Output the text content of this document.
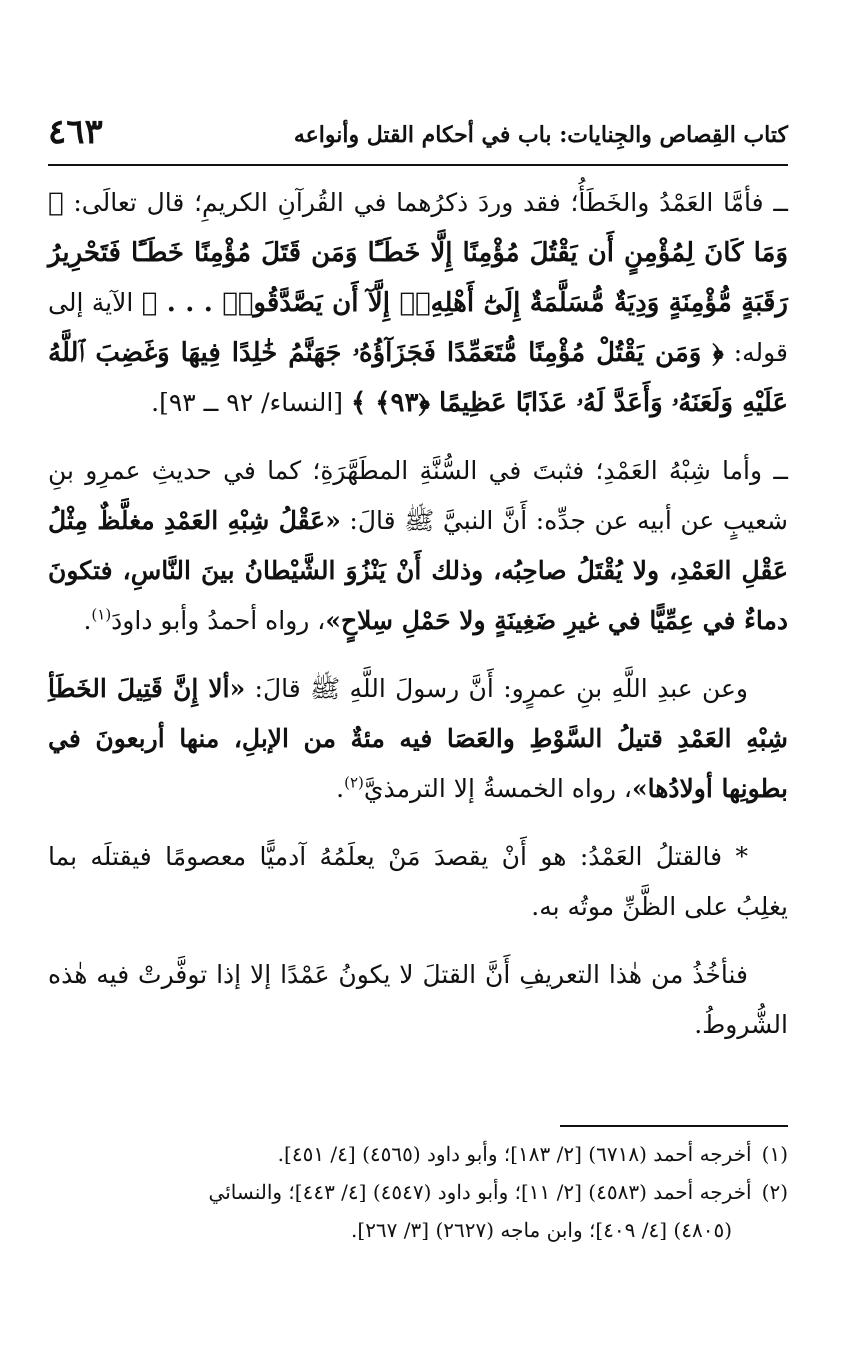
كتاب القِصاص والجِنايات: باب في أحكام القتل وأنواعه
٤٦٣

ــ فأمَّا العَمْدُ والخَطَأُ؛ فقد وردَ ذكرُهما في القُرآنِ الكريمِ؛ قال تعالَى: ﴿ وَمَا كَانَ لِمُؤْمِنٍ أَن يَقْتُلَ مُؤْمِنًا إِلَّا خَطَـًٔا وَمَن قَتَلَ مُؤْمِنًا خَطَـًٔا فَتَحْرِيرُ رَقَبَةٍ مُّؤْمِنَةٍ وَدِيَةٌ مُّسَلَّمَةٌ إِلَىٰٓ أَهْلِهِۦٓ إِلَّآ أَن يَصَّدَّقُوا۟ . . . ﴾ الآية إلى قوله: ﴿ وَمَن يَقْتُلْ مُؤْمِنًا مُّتَعَمِّدًا فَجَزَآؤُهُۥ جَهَنَّمُ خَٰلِدًا فِيهَا وَغَضِبَ ٱللَّهُ عَلَيْهِ وَلَعَنَهُۥ وَأَعَدَّ لَهُۥ عَذَابًا عَظِيمًا ﴿٩٣﴾ ﴾ [النساء/ ٩٢ ــ ٩٣].

ــ وأما شِبْهُ العَمْدِ؛ فثبتَ في السُّنَّةِ المطَهَّرَةِ؛ كما في حديثِ عمرِو بنِ شعيبٍ عن أبيه عن جدِّه: أَنَّ النبيَّ ﷺ قالَ: «عَقْلُ شِبْهِ العَمْدِ مغلَّظٌ مِثْلُ عَقْلِ العَمْدِ، ولا يُقْتَلُ صاحِبُه، وذلك أَنْ يَنْزُوَ الشَّيْطانُ بينَ النَّاسِ، فتكونَ دماءٌ في عِمِّيًّا في غيرِ ضَغِينَةٍ ولا حَمْلِ سِلاحٍ»، رواه أحمدُ وأبو داودَ$^{(١)}$.

وعن عبدِ اللَّهِ بنِ عمرٍو: أَنَّ رسولَ اللَّهِ ﷺ قالَ: «ألا إِنَّ قَتِيلَ الخَطَأِ شِبْهِ العَمْدِ قتيلُ السَّوْطِ والعَصَا فيه مئةٌ من الإبلِ، منها أربعونَ في بطونِها أولادُها»، رواه الخمسةُ إلا الترمذيَّ$^{(٢)}$.

* فالقتلُ العَمْدُ: هو أَنْ يقصدَ مَنْ يعلَمُهُ آدميًّا معصومًا فيقتلَه بما يغلِبُ على الظَّنِّ موتُه به.

فنأخُذُ من هٰذا التعريفِ أَنَّ القتلَ لا يكونُ عَمْدًا إلا إذا توفَّرتْ فيه هٰذه الشُّروطُ.

(١)أخرجه أحمد (٦٧١٨) [٢/ ١٨٣]؛ وأبو داود (٤٥٦٥) [٤/ ٤٥١].

(٢)أخرجه أحمد (٤٥٨٣) [٢/ ١١]؛ وأبو داود (٤٥٤٧) [٤/ ٤٤٣]؛ والنسائي

(٤٨٠٥) [٤/ ٤٠٩]؛ وابن ماجه (٢٦٢٧) [٣/ ٢٦٧].
